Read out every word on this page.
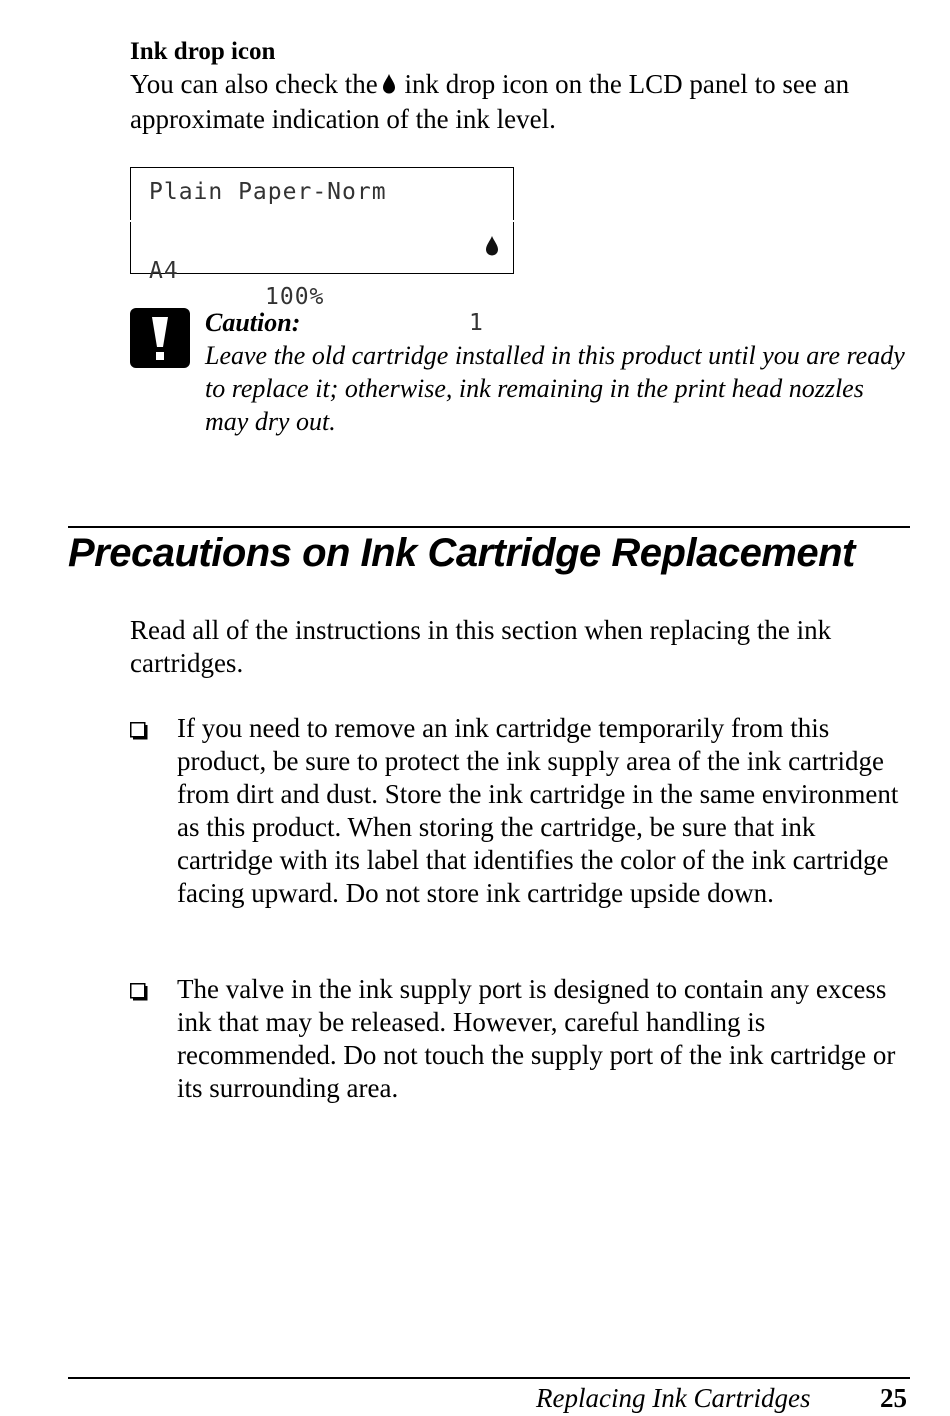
Ink drop icon
You can also check the ink drop icon on the LCD panel to see an approximate indication of the ink level.
Plain Paper-Norm

A4

100%

1

Caution:
Leave the old cartridge installed in this product until you are ready to replace it; otherwise, ink remaining in the print head nozzles may dry out.
Precautions on Ink Cartridge Replacement
Read all of the instructions in this section when replacing the ink cartridges.
If you need to remove an ink cartridge temporarily from this product, be sure to protect the ink supply area of the ink cartridge from dirt and dust. Store the ink cartridge in the same environment as this product. When storing the cartridge, be sure that ink cartridge with its label that identifies the color of the ink cartridge facing upward. Do not store ink cartridge upside down.
The valve in the ink supply port is designed to contain any excess ink that may be released. However, careful handling is recommended. Do not touch the supply port of the ink cartridge or its surrounding area.
Replacing Ink Cartridges	25
